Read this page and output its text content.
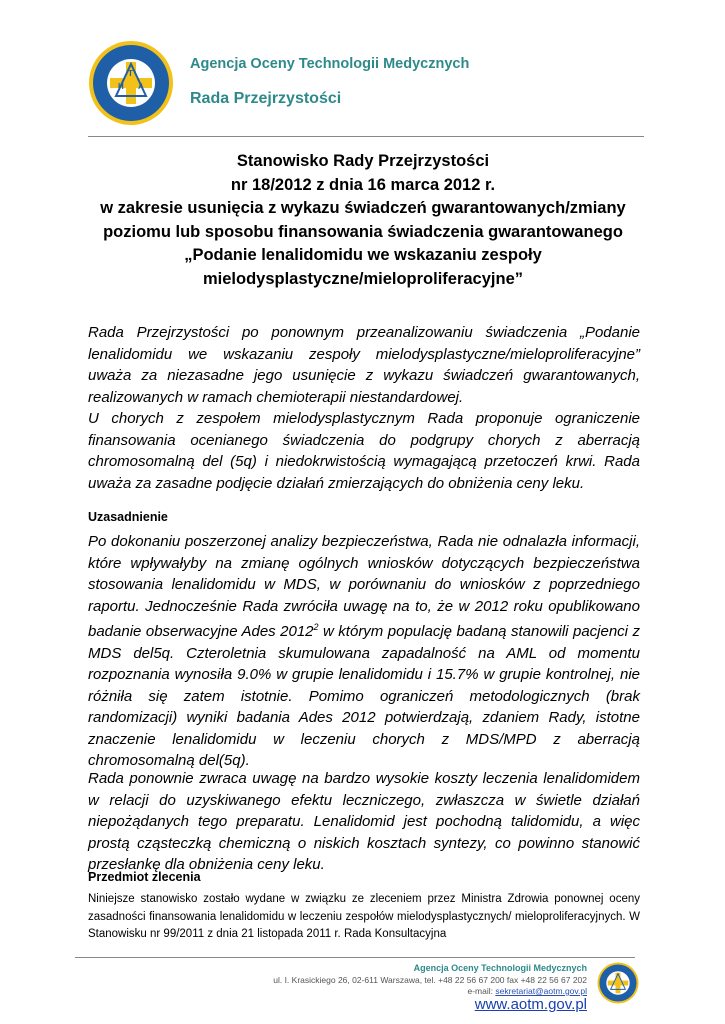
H
T
A
Agencja Oceny Technologii Medycznych
Rada Przejrzystości
Stanowisko Rady Przejrzystości
nr 18/2012 z dnia 16 marca 2012 r.
w zakresie usunięcia z wykazu świadczeń gwarantowanych/zmiany
poziomu lub sposobu finansowania świadczenia gwarantowanego
„Podanie lenalidomidu we wskazaniu zespoły
mielodysplastyczne/mieloproliferacyjne”

Rada Przejrzystości po ponownym przeanalizowaniu świadczenia „Podanie lenalidomidu we wskazaniu zespoły mielodysplastyczne/mieloproliferacyjne” uważa za niezasadne jego usunięcie z wykazu świadczeń gwarantowanych, realizowanych w ramach chemioterapii niestandardowej.

U chorych z zespołem mielodysplastycznym Rada proponuje ograniczenie finansowania ocenianego świadczenia do podgrupy chorych z aberracją chromosomalną del (5q) i niedokrwistością wymagającą przetoczeń krwi. Rada uważa za zasadne podjęcie działań zmierzających do obniżenia ceny leku.

Uzasadnienie

Po dokonaniu poszerzonej analizy bezpieczeństwa, Rada nie odnalazła informacji, które wpływałyby na zmianę ogólnych wniosków dotyczących bezpieczeństwa stosowania lenalidomidu w MDS, w porównaniu do wniosków z poprzedniego raportu. Jednocześnie Rada zwróciła uwagę na to, że w 2012 roku opublikowano badanie obserwacyjne Ades 2012$^2$ w którym populację badaną stanowili pacjenci z MDS del5q. Czteroletnia skumulowana zapadalność na AML od momentu rozpoznania wynosiła 9.0% w grupie lenalidomidu i 15.7% w grupie kontrolnej, nie różniła się zatem istotnie. Pomimo ograniczeń metodologicznych (brak randomizacji) wyniki badania Ades 2012 potwierdzają, zdaniem Rady, istotne znaczenie lenalidomidu w leczeniu chorych z MDS/MPD z aberracją chromosomalną del(5q).

Rada ponownie zwraca uwagę na bardzo wysokie koszty leczenia lenalidomidem w relacji do uzyskiwanego efektu leczniczego, zwłaszcza w świetle działań niepożądanych tego preparatu. Lenalidomid jest pochodną talidomidu, a więc prostą cząsteczką chemiczną o niskich kosztach syntezy, co powinno stanowić przesłankę dla obniżenia ceny leku.

Przedmiot zlecenia

Niniejsze stanowisko zostało wydane w związku ze zleceniem przez Ministra Zdrowia ponownej oceny zasadności finansowania lenalidomidu w leczeniu zespołów mielodysplastycznych/ mieloproliferacyjnych. W Stanowisku nr 99/2011 z dnia 21 listopada 2011 r. Rada Konsultacyjna

Agencja Oceny Technologii Medycznych
ul. I. Krasickiego 26, 02-611 Warszawa, tel. +48 22 56 67 200 fax +48 22 56 67 202
e-mail: sekretariat@aotm.gov.pl
www.aotm.gov.pl
